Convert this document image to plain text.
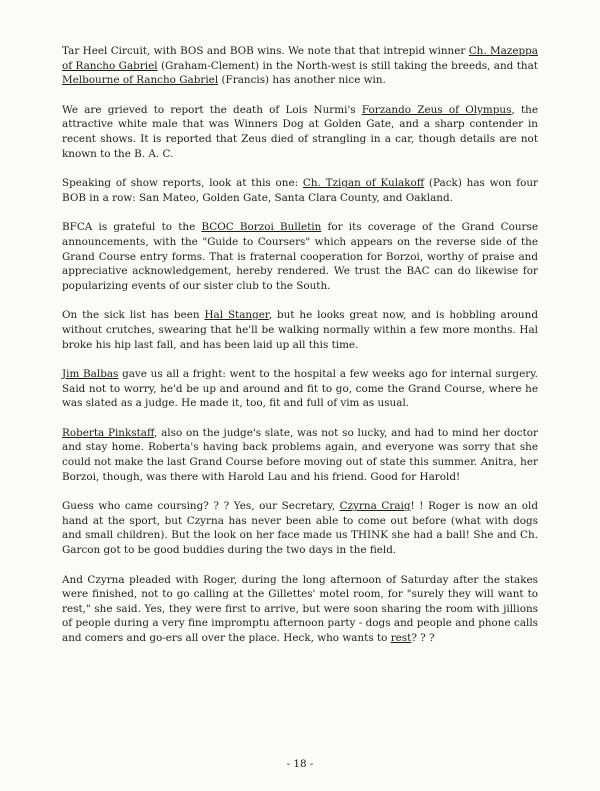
Tar Heel Circuit, with BOS and BOB wins. We note that that intrepid winner Ch. Mazeppa of Rancho Gabriel (Graham-Clement) in the North-west is still taking the breeds, and that Melbourne of Rancho Gabriel (Francis) has another nice win.

We are grieved to report the death of Lois Nurmi's Forzando Zeus of Olympus, the attractive white male that was Winners Dog at Golden Gate, and a sharp contender in recent shows. It is reported that Zeus died of strangling in a car, though details are not known to the B. A. C.

Speaking of show reports, look at this one: Ch. Tzigan of Kulakoff (Pack) has won four BOB in a row: San Mateo, Golden Gate, Santa Clara County, and Oakland.

BFCA is grateful to the BCOC Borzoi Bulletin for its coverage of the Grand Course announcements, with the "Guide to Coursers" which appears on the reverse side of the Grand Course entry forms. That is fraternal cooperation for Borzoi, worthy of praise and appreciative acknowledgement, hereby rendered. We trust the BAC can do likewise for popularizing events of our sister club to the South.

On the sick list has been Hal Stanger, but he looks great now, and is hobbling around without crutches, swearing that he'll be walking normally within a few more months. Hal broke his hip last fall, and has been laid up all this time.

Jim Balbas gave us all a fright: went to the hospital a few weeks ago for internal surgery. Said not to worry, he'd be up and around and fit to go, come the Grand Course, where he was slated as a judge. He made it, too, fit and full of vim as usual.

Roberta Pinkstaff, also on the judge's slate, was not so lucky, and had to mind her doctor and stay home. Roberta's having back problems again, and everyone was sorry that she could not make the last Grand Course before moving out of state this summer. Anitra, her Borzoi, though, was there with Harold Lau and his friend. Good for Harold!

Guess who came coursing? ? ? Yes, our Secretary, Czyrna Craig! ! Roger is now an old hand at the sport, but Czyrna has never been able to come out before (what with dogs and small children). But the look on her face made us THINK she had a ball! She and Ch. Garcon got to be good buddies during the two days in the field.

And Czyrna pleaded with Roger, during the long afternoon of Saturday after the stakes were finished, not to go calling at the Gillettes' motel room, for "surely they will want to rest," she said. Yes, they were first to arrive, but were soon sharing the room with jillions of people during a very fine impromptu afternoon party - dogs and people and phone calls and comers and go-ers all over the place. Heck, who wants to rest? ? ?

- 18 -
